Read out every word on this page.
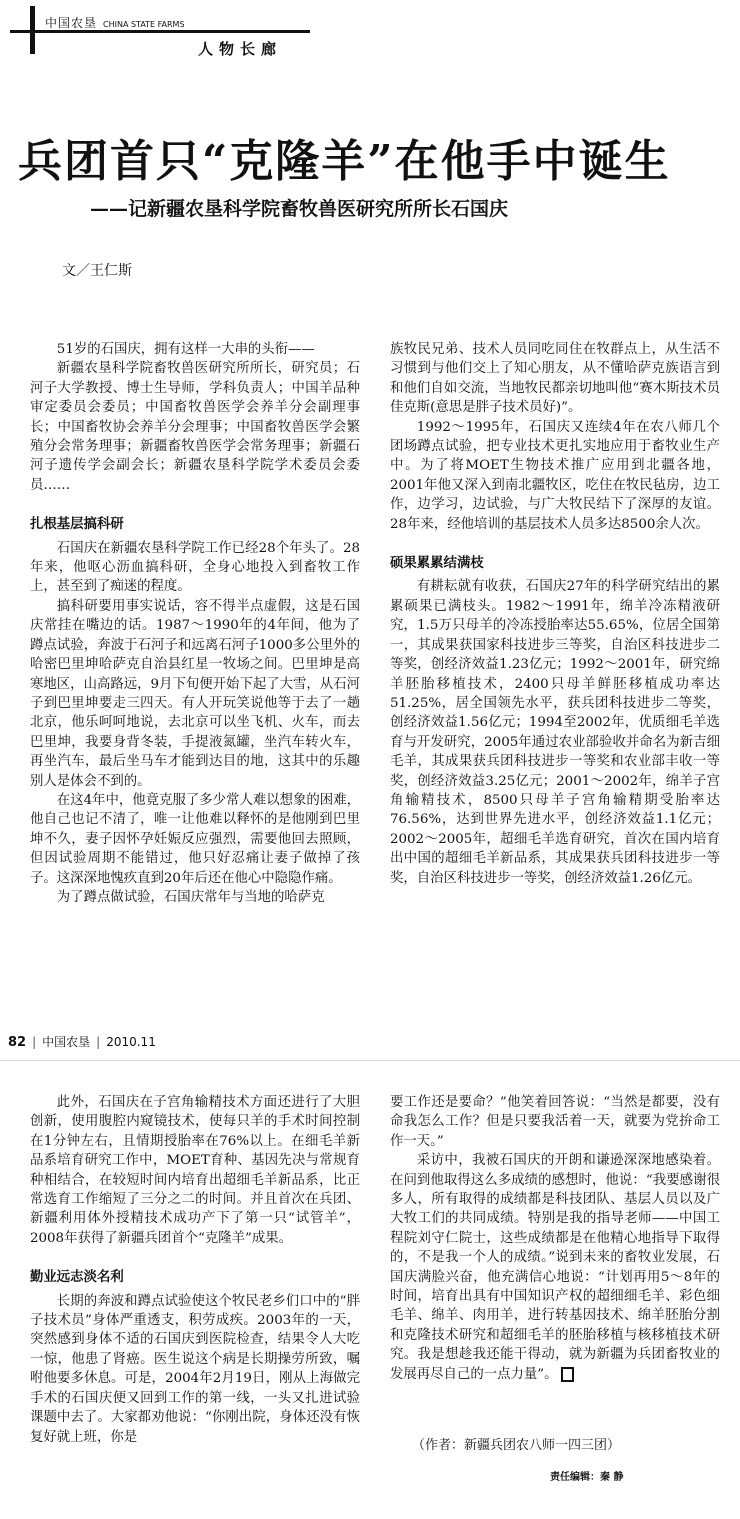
中国农垦 CHINA STATE FARMS
人物长廊
兵团首只“克隆羊”在他手中诞生
——记新疆农垦科学院畜牧兽医研究所所长石国庆
文／王仁斯

51岁的石国庆，拥有这样一大串的头衔——

新疆农垦科学院畜牧兽医研究所所长，研究员；石河子大学教授、博士生导师，学科负责人；中国羊品种审定委员会委员；中国畜牧兽医学会养羊分会副理事长；中国畜牧协会养羊分会理事；中国畜牧兽医学会繁殖分会常务理事；新疆畜牧兽医学会常务理事；新疆石河子遗传学会副会长；新疆农垦科学院学术委员会委员……

扎根基层搞科研

石国庆在新疆农垦科学院工作已经28个年头了。28年来，他呕心沥血搞科研，全身心地投入到畜牧工作上，甚至到了痴迷的程度。

搞科研要用事实说话，容不得半点虚假，这是石国庆常挂在嘴边的话。1987～1990年的4年间，他为了蹲点试验，奔波于石河子和远离石河子1000多公里外的哈密巴里坤哈萨克自治县红星一牧场之间。巴里坤是高寒地区，山高路远，9月下旬便开始下起了大雪，从石河子到巴里坤要走三四天。有人开玩笑说他等于去了一趟北京，他乐呵呵地说，去北京可以坐飞机、火车，而去巴里坤，我要身背冬装，手提液氮罐，坐汽车转火车，再坐汽车，最后坐马车才能到达目的地，这其中的乐趣别人是体会不到的。

在这4年中，他竟克服了多少常人难以想象的困难，他自己也记不清了，唯一让他难以释怀的是他刚到巴里坤不久，妻子因怀孕妊娠反应强烈，需要他回去照顾，但因试验周期不能错过，他只好忍痛让妻子做掉了孩子。这深深地愧疚直到20年后还在他心中隐隐作痛。

为了蹲点做试验，石国庆常年与当地的哈萨克

族牧民兄弟、技术人员同吃同住在牧群点上，从生活不习惯到与他们交上了知心朋友，从不懂哈萨克族语言到和他们自如交流，当地牧民都亲切地叫他“赛木斯技术员佳克斯(意思是胖子技术员好)”。

1992～1995年，石国庆又连续4年在农八师几个团场蹲点试验，把专业技术更扎实地应用于畜牧业生产中。为了将MOET生物技术推广应用到北疆各地，2001年他又深入到南北疆牧区，吃住在牧民毡房，边工作，边学习，边试验，与广大牧民结下了深厚的友谊。28年来，经他培训的基层技术人员多达8500余人次。

硕果累累结满枝

有耕耘就有收获，石国庆27年的科学研究结出的累累硕果已满枝头。1982～1991年，绵羊冷冻精液研究，1.5万只母羊的冷冻授胎率达55.65%，位居全国第一，其成果获国家科技进步三等奖，自治区科技进步二等奖，创经济效益1.23亿元；1992～2001年，研究绵羊胚胎移植技术，2400只母羊鲜胚移植成功率达51.25%，居全国领先水平，获兵团科技进步二等奖，创经济效益1.56亿元；1994至2002年，优质细毛羊选育与开发研究，2005年通过农业部验收并命名为新吉细毛羊，其成果获兵团科技进步一等奖和农业部丰收一等奖，创经济效益3.25亿元；2001～2002年，绵羊子宫角输精技术，8500只母羊子宫角输精期受胎率达76.56%，达到世界先进水平，创经济效益1.1亿元；2002～2005年，超细毛羊选育研究，首次在国内培育出中国的超细毛羊新品系，其成果获兵团科技进步一等奖，自治区科技进步一等奖，创经济效益1.26亿元。

82 | 中国农垦 | 2010.11

此外，石国庆在子宫角输精技术方面还进行了大胆创新，使用腹腔内窥镜技术，使每只羊的手术时间控制在1分钟左右，且情期授胎率在76%以上。在细毛羊新品系培育研究工作中，MOET育种、基因先决与常规育种相结合，在较短时间内培育出超细毛羊新品系，比正常选育工作缩短了三分之二的时间。并且首次在兵团、新疆利用体外授精技术成功产下了第一只“试管羊”，2008年获得了新疆兵团首个“克隆羊”成果。

勤业远志淡名利

长期的奔波和蹲点试验使这个牧民老乡们口中的“胖子技术员”身体严重透支，积劳成疾。2003年的一天，突然感到身体不适的石国庆到医院检查，结果令人大吃一惊，他患了肾癌。医生说这个病是长期操劳所致，嘱咐他要多休息。可是，2004年2月19日，刚从上海做完手术的石国庆便又回到工作的第一线，一头又扎进试验课题中去了。大家都劝他说：“你刚出院，身体还没有恢复好就上班，你是

要工作还是要命？”他笑着回答说：“当然是都要，没有命我怎么工作？但是只要我活着一天，就要为党拚命工作一天。”

采访中，我被石国庆的开朗和谦逊深深地感染着。在问到他取得这么多成绩的感想时，他说：“我要感谢很多人，所有取得的成绩都是科技团队、基层人员以及广大牧工们的共同成绩。特别是我的指导老师——中国工程院刘守仁院士，这些成绩都是在他精心地指导下取得的，不是我一个人的成绩。”说到未来的畜牧业发展，石国庆满脸兴奋，他充满信心地说：“计划再用5～8年的时间，培育出具有中国知识产权的超细细毛羊、彩色细毛羊、绵羊、肉用羊，进行转基因技术、绵羊胚胎分割和克隆技术研究和超细毛羊的胚胎移植与核移植技术研究。我是想趁我还能干得动，就为新疆为兵团畜牧业的发展再尽自己的一点力量”。

（作者：新疆兵团农八师一四三团）
责任编辑：秦 静
